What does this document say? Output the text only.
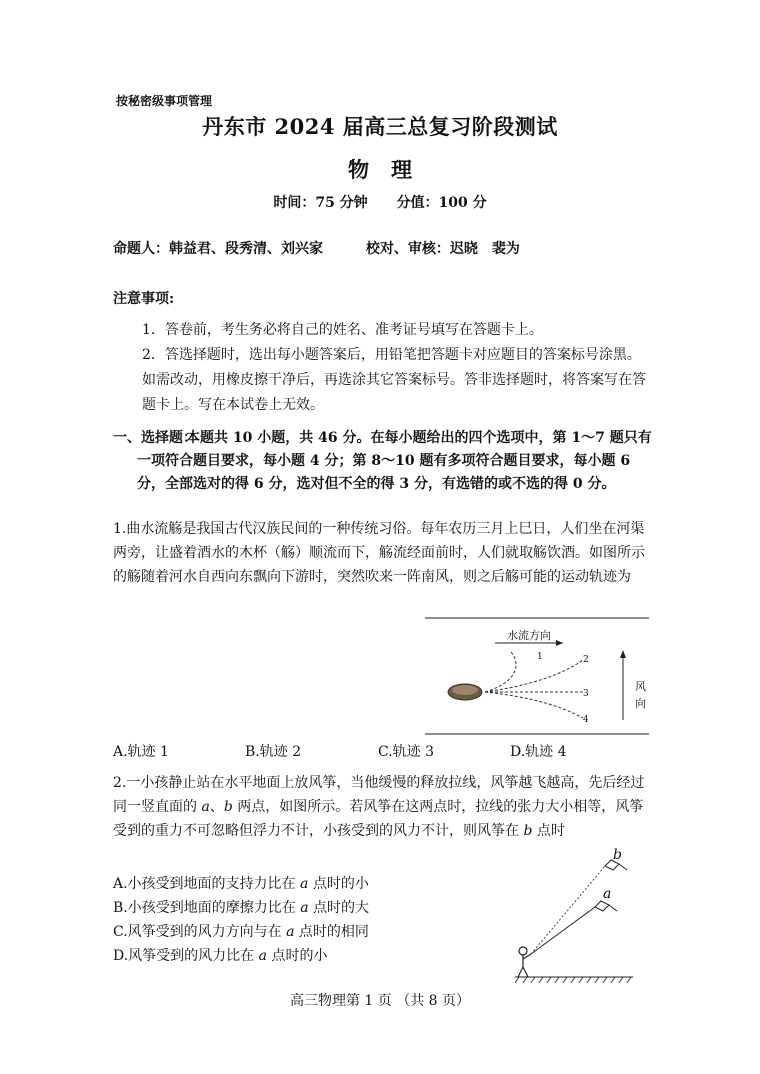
按秘密级事项管理
丹东市 2024 届高三总复习阶段测试
物理
时间：75 分钟 分值：100 分
命题人：韩益君、段秀清、刘兴家	校对、审核：迟晓　裴为
注意事项:
1．答卷前，考生务必将自己的姓名、准考证号填写在答题卡上。
2．答选择题时，选出每小题答案后，用铅笔把答题卡对应题目的答案标号涂黑。如需改动，用橡皮擦干净后，再选涂其它答案标号。答非选择题时，将答案写在答题卡上。写在本试卷上无效。
一、选择题：
本题共 10 小题，共 46 分。在每小题给出的四个选项中，第 1～7 题只有一项符合题目要求，每小题 4 分；第 8～10 题有多项符合题目要求，每小题 6 分，全部选对的得 6 分，选对但不全的得 3 分，有选错的或不选的得 0 分。
1.曲水流觞是我国古代汉族民间的一种传统习俗。每年农历三月上巳日，人们坐在河渠两旁，让盛着酒水的木杯（觞）顺流而下，觞流经面前时，人们就取觞饮酒。如图所示的觞随着河水自西向东飘向下游时，突然吹来一阵南风，则之后觞可能的运动轨迹为
水流方向
1	2
3
4
风
向
A.轨迹 1	B.轨迹 2	C.轨迹 3	D.轨迹 4
2.一小孩静止站在水平地面上放风筝，当他缓慢的释放拉线，风筝越飞越高，先后经过同一竖直面的 a、b 两点，如图所示。若风筝在这两点时，拉线的张力大小相等，风筝受到的重力不可忽略但浮力不计，小孩受到的风力不计，则风筝在 b 点时
A.小孩受到地面的支持力比在 a 点时的小
B.小孩受到地面的摩擦力比在 a 点时的大
C.风筝受到的风力方向与在 a 点时的相同
D.风筝受到的风力比在 a 点时的小
a
b
高三物理第 1 页 （共 8 页）
